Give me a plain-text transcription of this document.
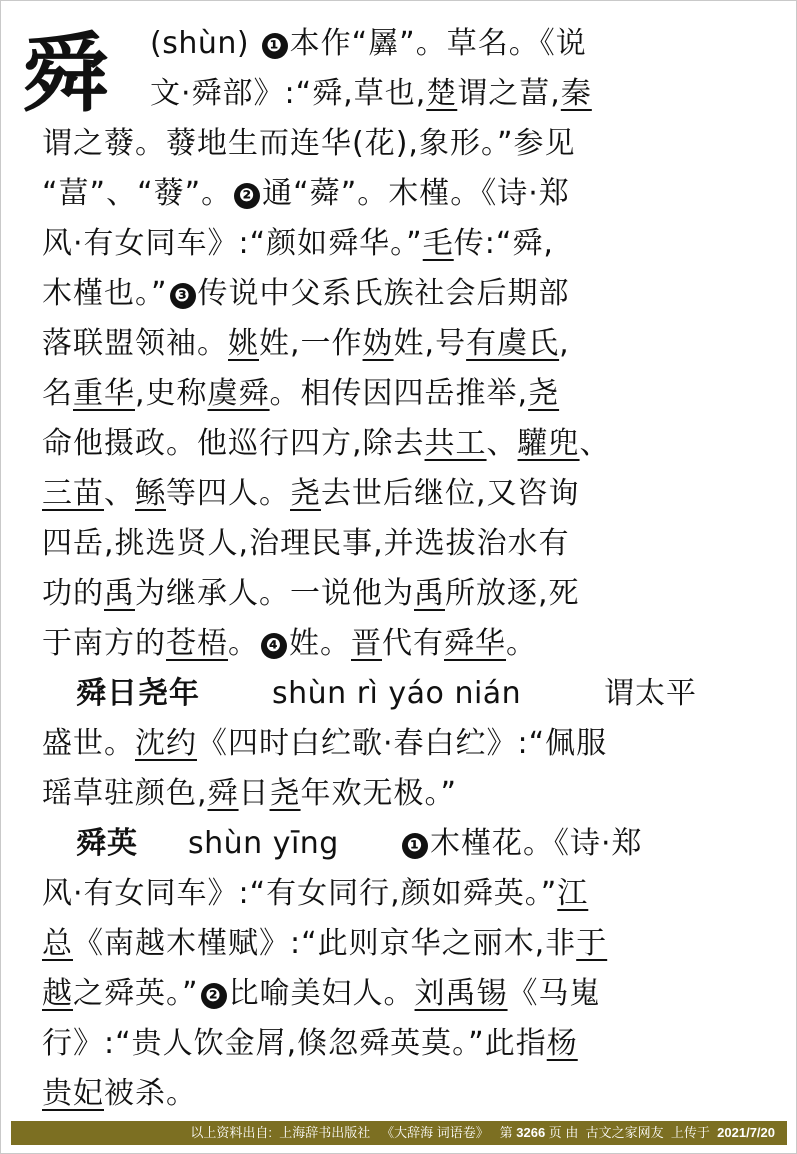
舜	(shùn) ❶ 本作“羼”。草名。《说
文·舜部》:“舜,草也,楚谓之葍,秦
谓之蕟。蕟地生而连华(花),象形。”参见
“葍”、“蕟”。 ❷ 通“蕣”。木槿。《诗·郑
风·有女同车》:“颜如舜华。”毛传:“舜,
木槿也。” ❸ 传说中父系氏族社会后期部
落联盟领袖。姚姓,一作妫姓,号有虞氏,
名重华,史称虞舜。相传因四岳推举,尧
命他摄政。他巡行四方,除去共工、驩兜、
三苗、鲧等四人。尧去世后继位,又咨询
四岳,挑选贤人,治理民事,并选拔治水有
功的禹为继承人。一说他为禹所放逐,死
于南方的苍梧。 ❹ 姓。晋代有舜华。
舜日尧年 shùn rì yáo nián	谓太平
盛世。沈约《四时白纻歌·春白纻》:“佩服
瑶草驻颜色,舜日尧年欢无极。”
舜英 shùn yīng	❶ 木槿花。《诗·郑
风·有女同车》:“有女同行,颜如舜英。”江
总《南越木槿赋》:“此则京华之丽木,非于
越之舜英。” ❷ 比喻美妇人。刘禹锡《马嵬
行》:“贵人饮金屑,倏忽舜英莫。”此指杨
贵妃被杀。
以上资料出自: 上海辞书出版社 《大辞海 词语卷》 第 3266 页 由 古文之家网友 上传于 2021/7/20
